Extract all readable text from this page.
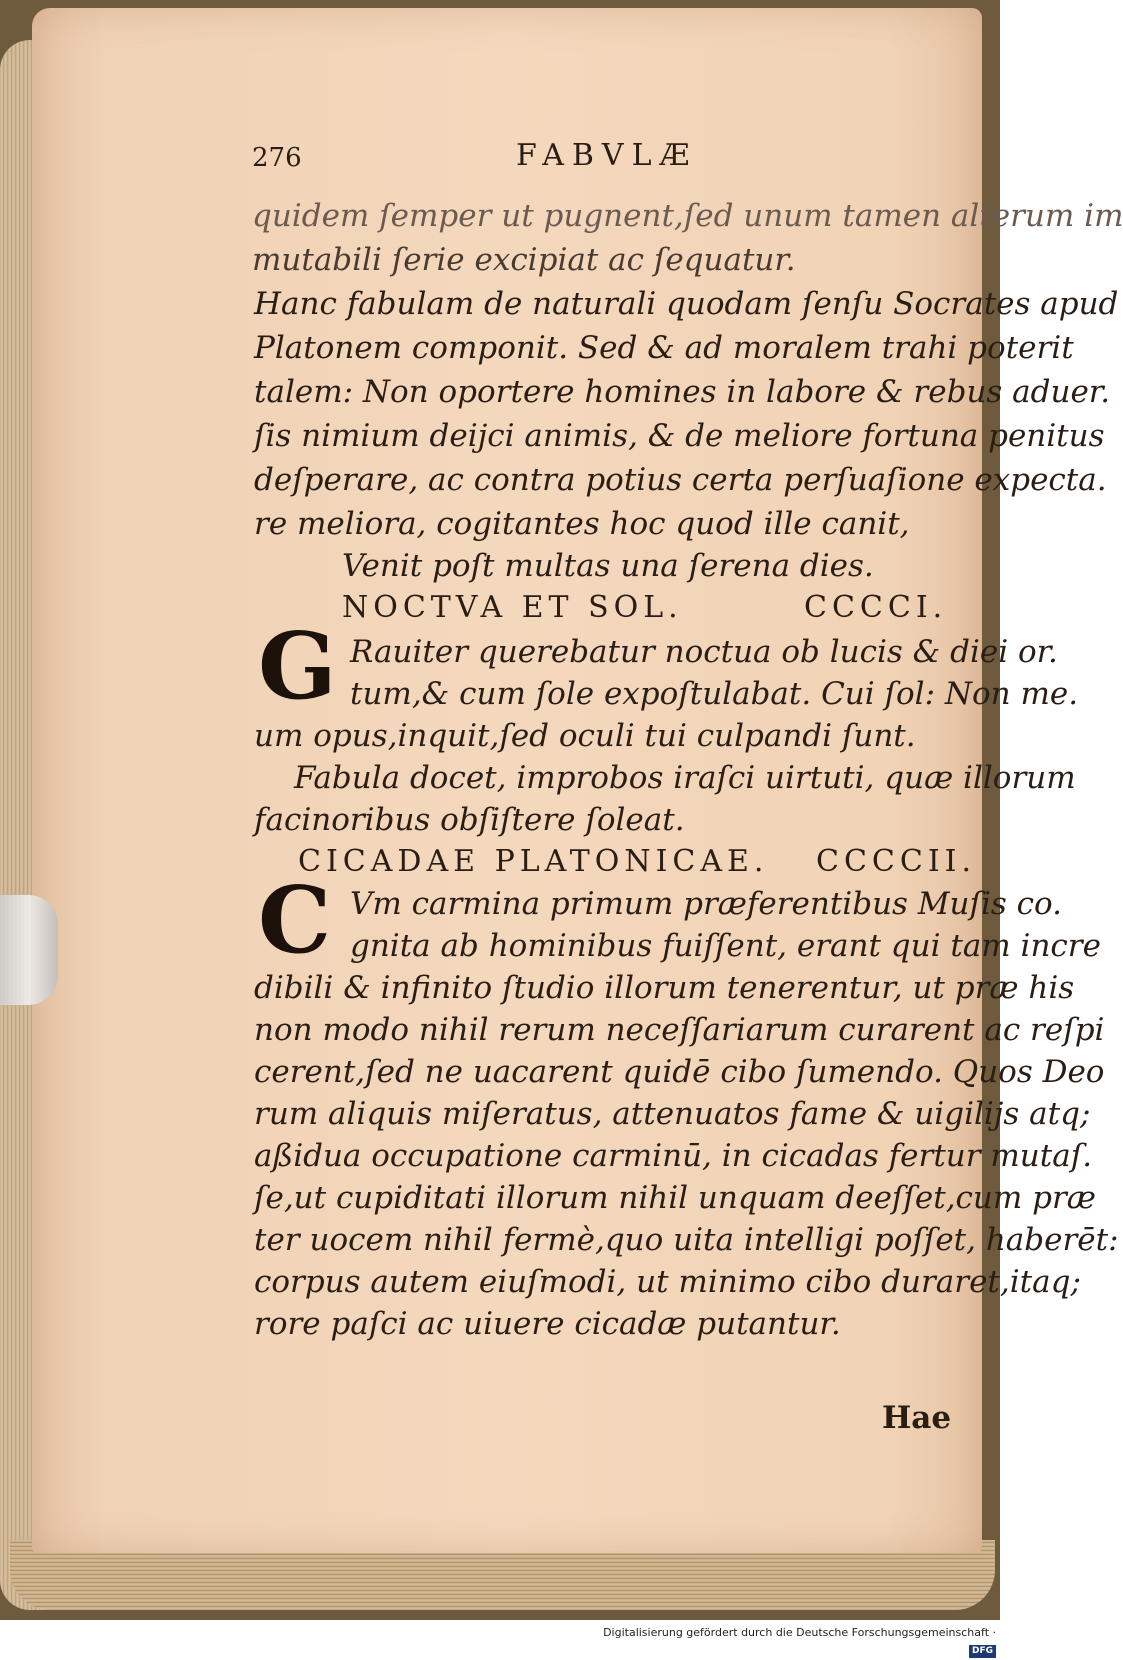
276	FABVLÆ
quidem ſemper ut pugnent,ſed unum tamen alterum im
mutabili ſerie excipiat ac ſequatur.
Hanc fabulam de naturali quodam ſenſu Socrates apud
Platonem componit. Sed & ad moralem trahi poterit
talem: Non oportere homines in labore & rebus aduer.
ſis nimium deijci animis, & de meliore fortuna penitus
deſperare, ac contra potius certa perſuaſione expecta.
re meliora, cogitantes hoc quod ille canit,
Venit poſt multas una ſerena dies.
NOCTVA ET SOL.	CCCCI.
G Rauiter querebatur noctua ob lucis & diei or.
tum,& cum ſole expoſtulabat. Cui ſol: Non me.
um opus,inquit,ſed oculi tui culpandi ſunt.
Fabula docet, improbos iraſci uirtuti, quæ illorum
facinoribus obſiſtere ſoleat.
CICADAE PLATONICAE. CCCCII.
C Vm carmina primum præferentibus Muſis co.
gnita ab hominibus fuiſſent, erant qui tam incre
dibili & infinito ſtudio illorum tenerentur, ut præ his
non modo nihil rerum neceſſariarum curarent ac reſpi
cerent,ſed ne uacarent quidē cibo ſumendo. Quos Deo
rum aliquis miſeratus, attenuatos fame & uigilijs atq;
aßidua occupatione carminū, in cicadas fertur mutaſ.
ſe,ut cupiditati illorum nihil unquam deeſſet,cum præ
ter uocem nihil fermè,quo uita intelligi poſſet, haberēt:
corpus autem eiuſmodi, ut minimo cibo duraret,itaq;
rore paſci ac uiuere cicadæ putantur.
Hae
Digitalisierung gefördert durch die Deutsche Forschungsgemeinschaft ·DFG
